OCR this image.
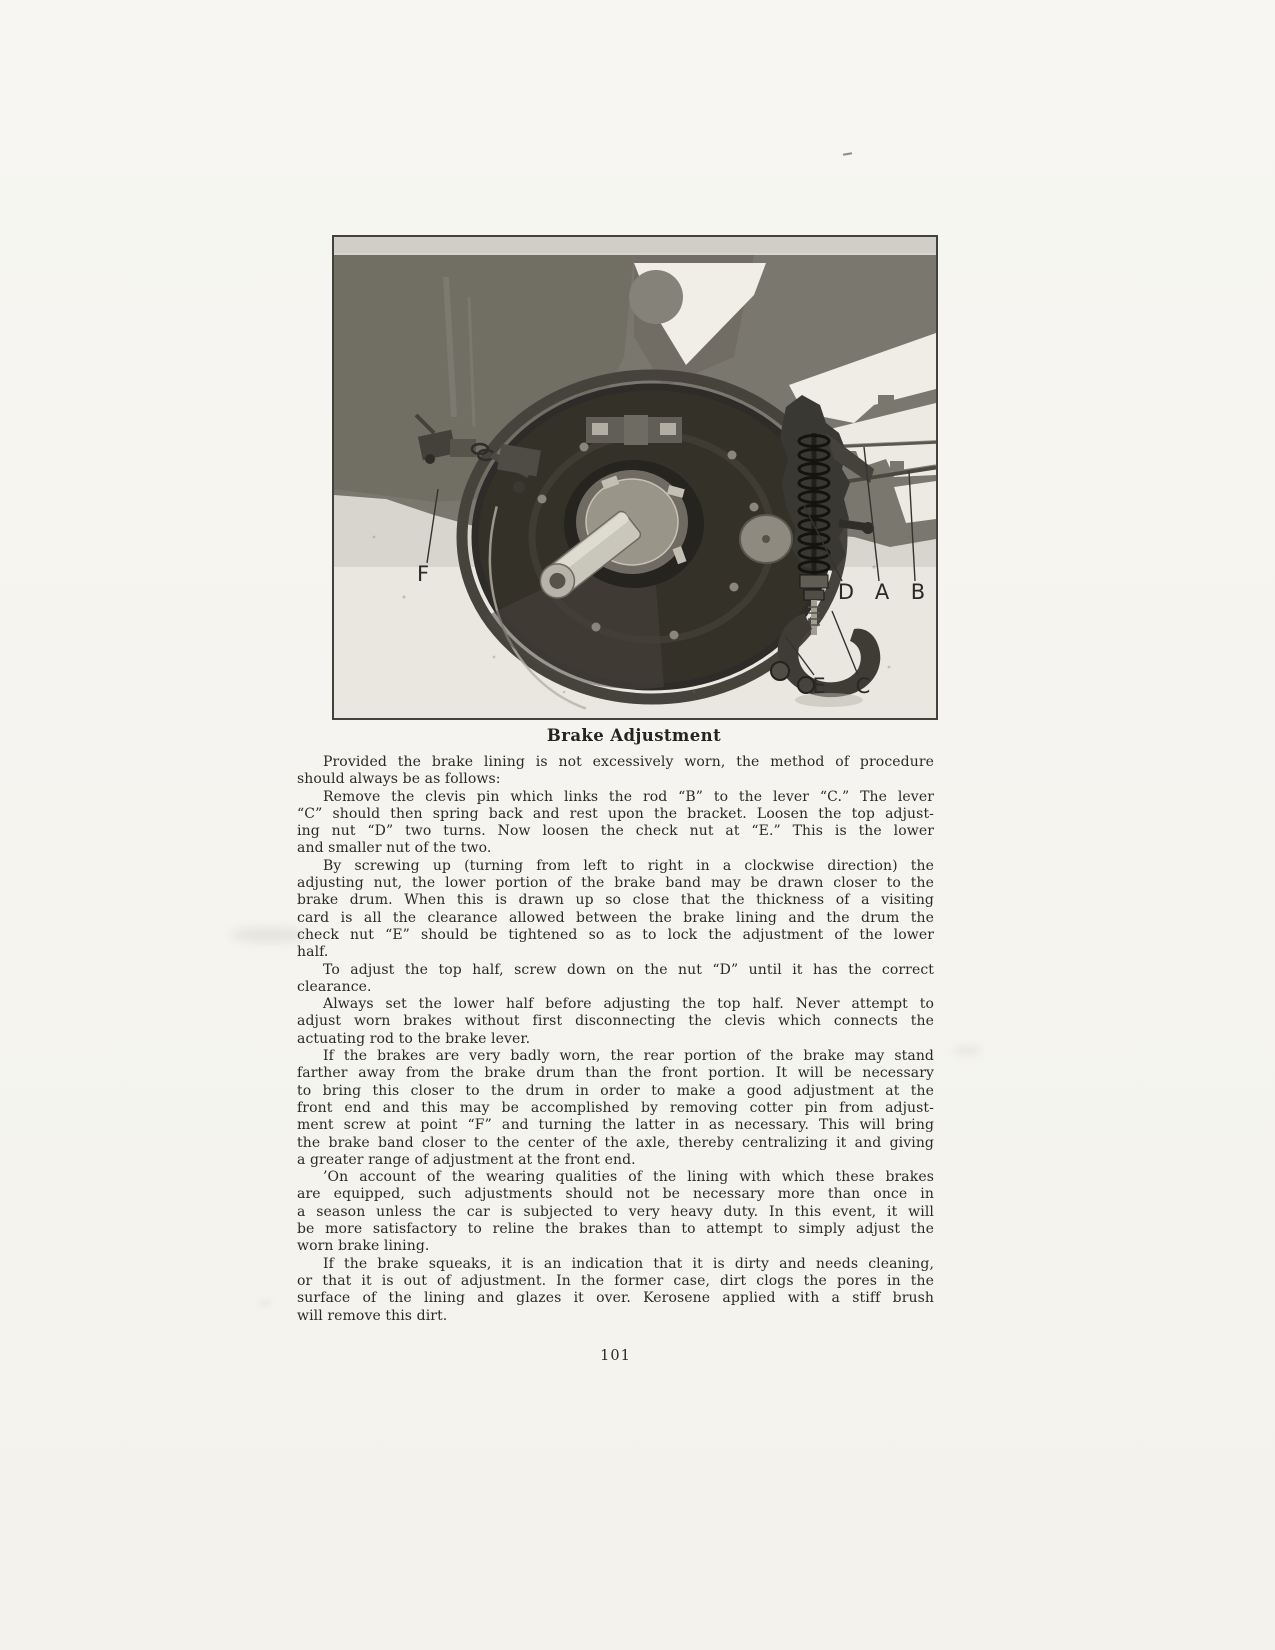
F
D A B
E C
Brake Adjustment
Provided the brake lining is not excessively worn, the method of procedure
should always be as follows:
Remove the clevis pin which links the rod “B” to the lever “C.” The lever
“C” should then spring back and rest upon the bracket. Loosen the top adjust-
ing nut “D” two turns. Now loosen the check nut at “E.” This is the lower
and smaller nut of the two.
By screwing up (turning from left to right in a clockwise direction) the
adjusting nut, the lower portion of the brake band may be drawn closer to the
brake drum. When this is drawn up so close that the thickness of a visiting
card is all the clearance allowed between the brake lining and the drum the
check nut “E” should be tightened so as to lock the adjustment of the lower
half.
To adjust the top half, screw down on the nut “D” until it has the correct
clearance.
Always set the lower half before adjusting the top half. Never attempt to
adjust worn brakes without first disconnecting the clevis which connects the
actuating rod to the brake lever.
If the brakes are very badly worn, the rear portion of the brake may stand
farther away from the brake drum than the front portion. It will be necessary
to bring this closer to the drum in order to make a good adjustment at the
front end and this may be accomplished by removing cotter pin from adjust-
ment screw at point “F” and turning the latter in as necessary. This will bring
the brake band closer to the center of the axle, thereby centralizing it and giving
a greater range of adjustment at the front end.
’On account of the wearing qualities of the lining with which these brakes
are equipped, such adjustments should not be necessary more than once in
a season unless the car is subjected to very heavy duty. In this event, it will
be more satisfactory to reline the brakes than to attempt to simply adjust the
worn brake lining.
If the brake squeaks, it is an indication that it is dirty and needs cleaning,
or that it is out of adjustment. In the former case, dirt clogs the pores in the
surface of the lining and glazes it over. Kerosene applied with a stiff brush
will remove this dirt.
101
